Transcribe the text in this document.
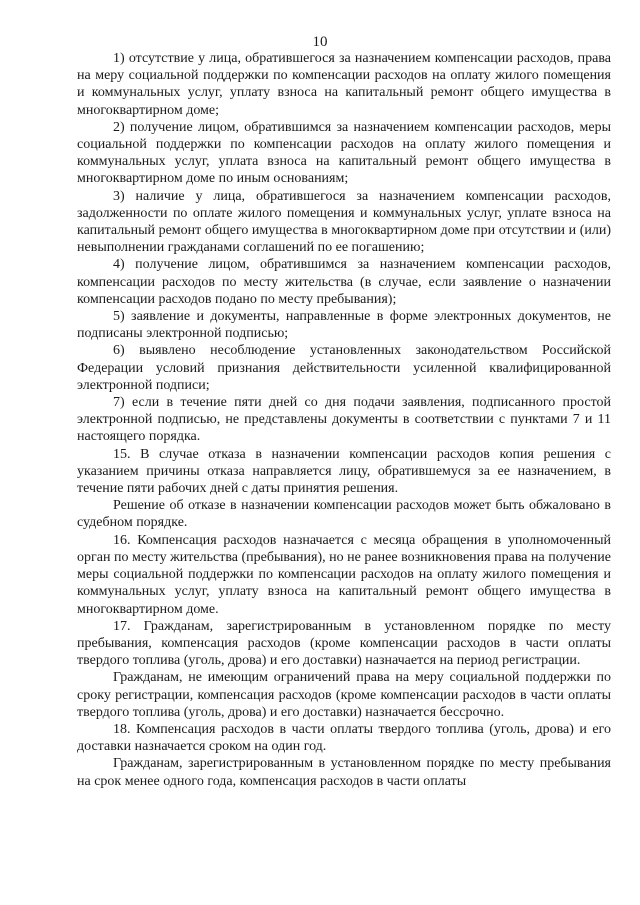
10

1) отсутствие у лица, обратившегося за назначением компенсации расходов, права на меру социальной поддержки по компенсации расходов на оплату жилого помещения и коммунальных услуг, уплату взноса на капитальный ремонт общего имущества в многоквартирном доме;

2) получение лицом, обратившимся за назначением компенсации расходов, меры социальной поддержки по компенсации расходов на оплату жилого помещения и коммунальных услуг, уплата взноса на капитальный ремонт общего имущества в многоквартирном доме по иным основаниям;

3) наличие у лица, обратившегося за назначением компенсации расходов, задолженности по оплате жилого помещения и коммунальных услуг, уплате взноса на капитальный ремонт общего имущества в многоквартирном доме при отсутствии и (или) невыполнении гражданами соглашений по ее погашению;

4) получение лицом, обратившимся за назначением компенсации расходов, компенсации расходов по месту жительства (в случае, если заявление о назначении компенсации расходов подано по месту пребывания);

5) заявление и документы, направленные в форме электронных документов, не подписаны электронной подписью;

6) выявлено несоблюдение установленных законодательством Российской Федерации условий признания действительности усиленной квалифицированной электронной подписи;

7) если в течение пяти дней со дня подачи заявления, подписанного простой электронной подписью, не представлены документы в соответствии с пунктами 7 и 11 настоящего порядка.

15. В случае отказа в назначении компенсации расходов копия решения с указанием причины отказа направляется лицу, обратившемуся за ее назначением, в течение пяти рабочих дней с даты принятия решения.

Решение об отказе в назначении компенсации расходов может быть обжаловано в судебном порядке.

16. Компенсация расходов назначается с месяца обращения в уполномоченный орган по месту жительства (пребывания), но не ранее возникновения права на получение меры социальной поддержки по компенсации расходов на оплату жилого помещения и коммунальных услуг, уплату взноса на капитальный ремонт общего имущества в многоквартирном доме.

17. Гражданам, зарегистрированным в установленном порядке по месту пребывания, компенсация расходов (кроме компенсации расходов в части оплаты твердого топлива (уголь, дрова) и его доставки) назначается на период регистрации.

Гражданам, не имеющим ограничений права на меру социальной поддержки по сроку регистрации, компенсация расходов (кроме компенсации расходов в части оплаты твердого топлива (уголь, дрова) и его доставки) назначается бессрочно.

18. Компенсация расходов в части оплаты твердого топлива (уголь, дрова) и его доставки назначается сроком на один год.

Гражданам, зарегистрированным в установленном порядке по месту пребывания на срок менее одного года, компенсация расходов в части оплаты
